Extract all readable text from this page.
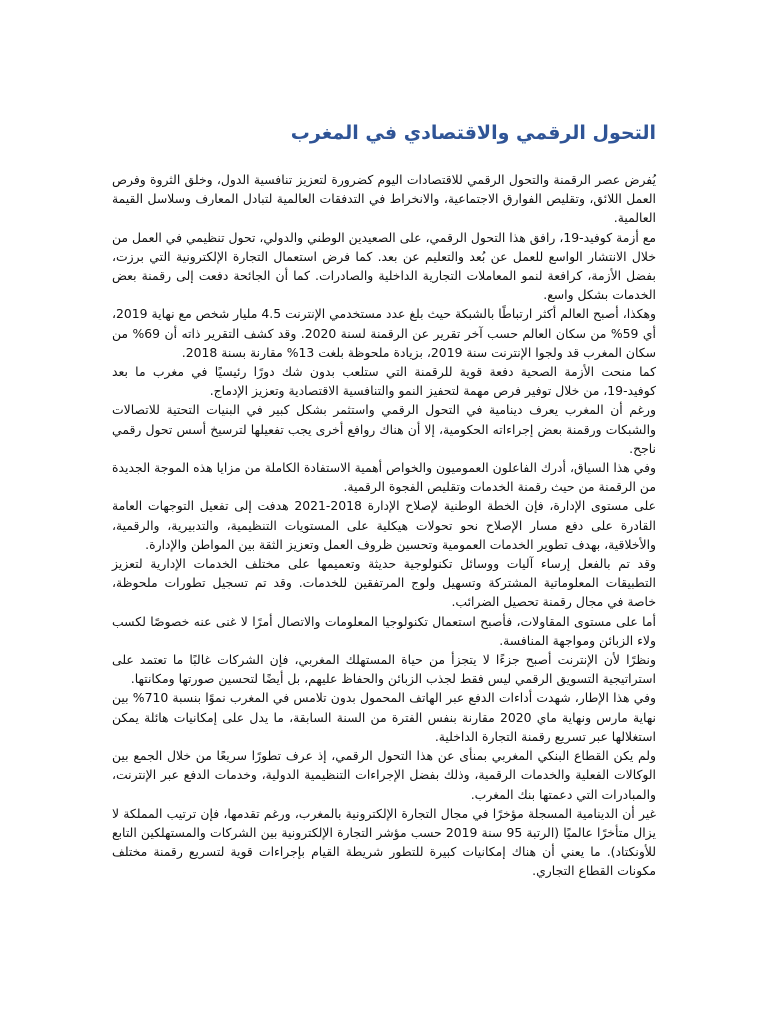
التحول الرقمي والاقتصادي في المغرب

يُفرض عصر الرقمنة والتحول الرقمي للاقتصادات اليوم كضرورة لتعزيز تنافسية الدول، وخلق الثروة وفرص العمل اللائق، وتقليص الفوارق الاجتماعية، والانخراط في التدفقات العالمية لتبادل المعارف وسلاسل القيمة العالمية.

مع أزمة كوفيد-19، رافق هذا التحول الرقمي، على الصعيدين الوطني والدولي، تحول تنظيمي في العمل من خلال الانتشار الواسع للعمل عن بُعد والتعليم عن بعد. كما فرض استعمال التجارة الإلكترونية التي برزت، بفضل الأزمة، كرافعة لنمو المعاملات التجارية الداخلية والصادرات. كما أن الجائحة دفعت إلى رقمنة بعض الخدمات بشكل واسع.

وهكذا، أصبح العالم أكثر ارتباطًا بالشبكة حيث بلغ عدد مستخدمي الإنترنت 4.5 مليار شخص مع نهاية 2019، أي 59% من سكان العالم حسب آخر تقرير عن الرقمنة لسنة 2020. وقد كشف التقرير ذاته أن 69% من سكان المغرب قد ولجوا الإنترنت سنة 2019، بزيادة ملحوظة بلغت 13% مقارنة بسنة 2018.

كما منحت الأزمة الصحية دفعة قوية للرقمنة التي ستلعب بدون شك دورًا رئيسيًا في مغرب ما بعد كوفيد-19، من خلال توفير فرص مهمة لتحفيز النمو والتنافسية الاقتصادية وتعزيز الإدماج.

ورغم أن المغرب يعرف دينامية في التحول الرقمي واستثمر بشكل كبير في البنيات التحتية للاتصالات والشبكات ورقمنة بعض إجراءاته الحكومية، إلا أن هناك روافع أخرى يجب تفعيلها لترسيخ أسس تحول رقمي ناجح.

وفي هذا السياق، أدرك الفاعلون العموميون والخواص أهمية الاستفادة الكاملة من مزايا هذه الموجة الجديدة من الرقمنة من حيث رقمنة الخدمات وتقليص الفجوة الرقمية.

على مستوى الإدارة، فإن الخطة الوطنية لإصلاح الإدارة 2018-2021 هدفت إلى تفعيل التوجهات العامة القادرة على دفع مسار الإصلاح نحو تحولات هيكلية على المستويات التنظيمية، والتدبيرية، والرقمية، والأخلاقية، بهدف تطوير الخدمات العمومية وتحسين ظروف العمل وتعزيز الثقة بين المواطن والإدارة.

وقد تم بالفعل إرساء آليات ووسائل تكنولوجية حديثة وتعميمها على مختلف الخدمات الإدارية لتعزيز التطبيقات المعلوماتية المشتركة وتسهيل ولوج المرتفقين للخدمات. وقد تم تسجيل تطورات ملحوظة، خاصة في مجال رقمنة تحصيل الضرائب.

أما على مستوى المقاولات، فأصبح استعمال تكنولوجيا المعلومات والاتصال أمرًا لا غنى عنه خصوصًا لكسب ولاء الزبائن ومواجهة المنافسة.

ونظرًا لأن الإنترنت أصبح جزءًا لا يتجزأ من حياة المستهلك المغربي، فإن الشركات غالبًا ما تعتمد على استراتيجية التسويق الرقمي ليس فقط لجذب الزبائن والحفاظ عليهم، بل أيضًا لتحسين صورتها ومكانتها.

وفي هذا الإطار، شهدت أداءات الدفع عبر الهاتف المحمول بدون تلامس في المغرب نموًا بنسبة 710% بين نهاية مارس ونهاية ماي 2020 مقارنة بنفس الفترة من السنة السابقة، ما يدل على إمكانيات هائلة يمكن استغلالها عبر تسريع رقمنة التجارة الداخلية.

ولم يكن القطاع البنكي المغربي بمنأى عن هذا التحول الرقمي، إذ عرف تطورًا سريعًا من خلال الجمع بين الوكالات الفعلية والخدمات الرقمية، وذلك بفضل الإجراءات التنظيمية الدولية، وخدمات الدفع عبر الإنترنت، والمبادرات التي دعمتها بنك المغرب.

غير أن الدينامية المسجلة مؤخرًا في مجال التجارة الإلكترونية بالمغرب، ورغم تقدمها، فإن ترتيب المملكة لا يزال متأخرًا عالميًا (الرتبة 95 سنة 2019 حسب مؤشر التجارة الإلكترونية بين الشركات والمستهلكين التابع للأونكتاد). ما يعني أن هناك إمكانيات كبيرة للتطور شريطة القيام بإجراءات قوية لتسريع رقمنة مختلف مكونات القطاع التجاري.
